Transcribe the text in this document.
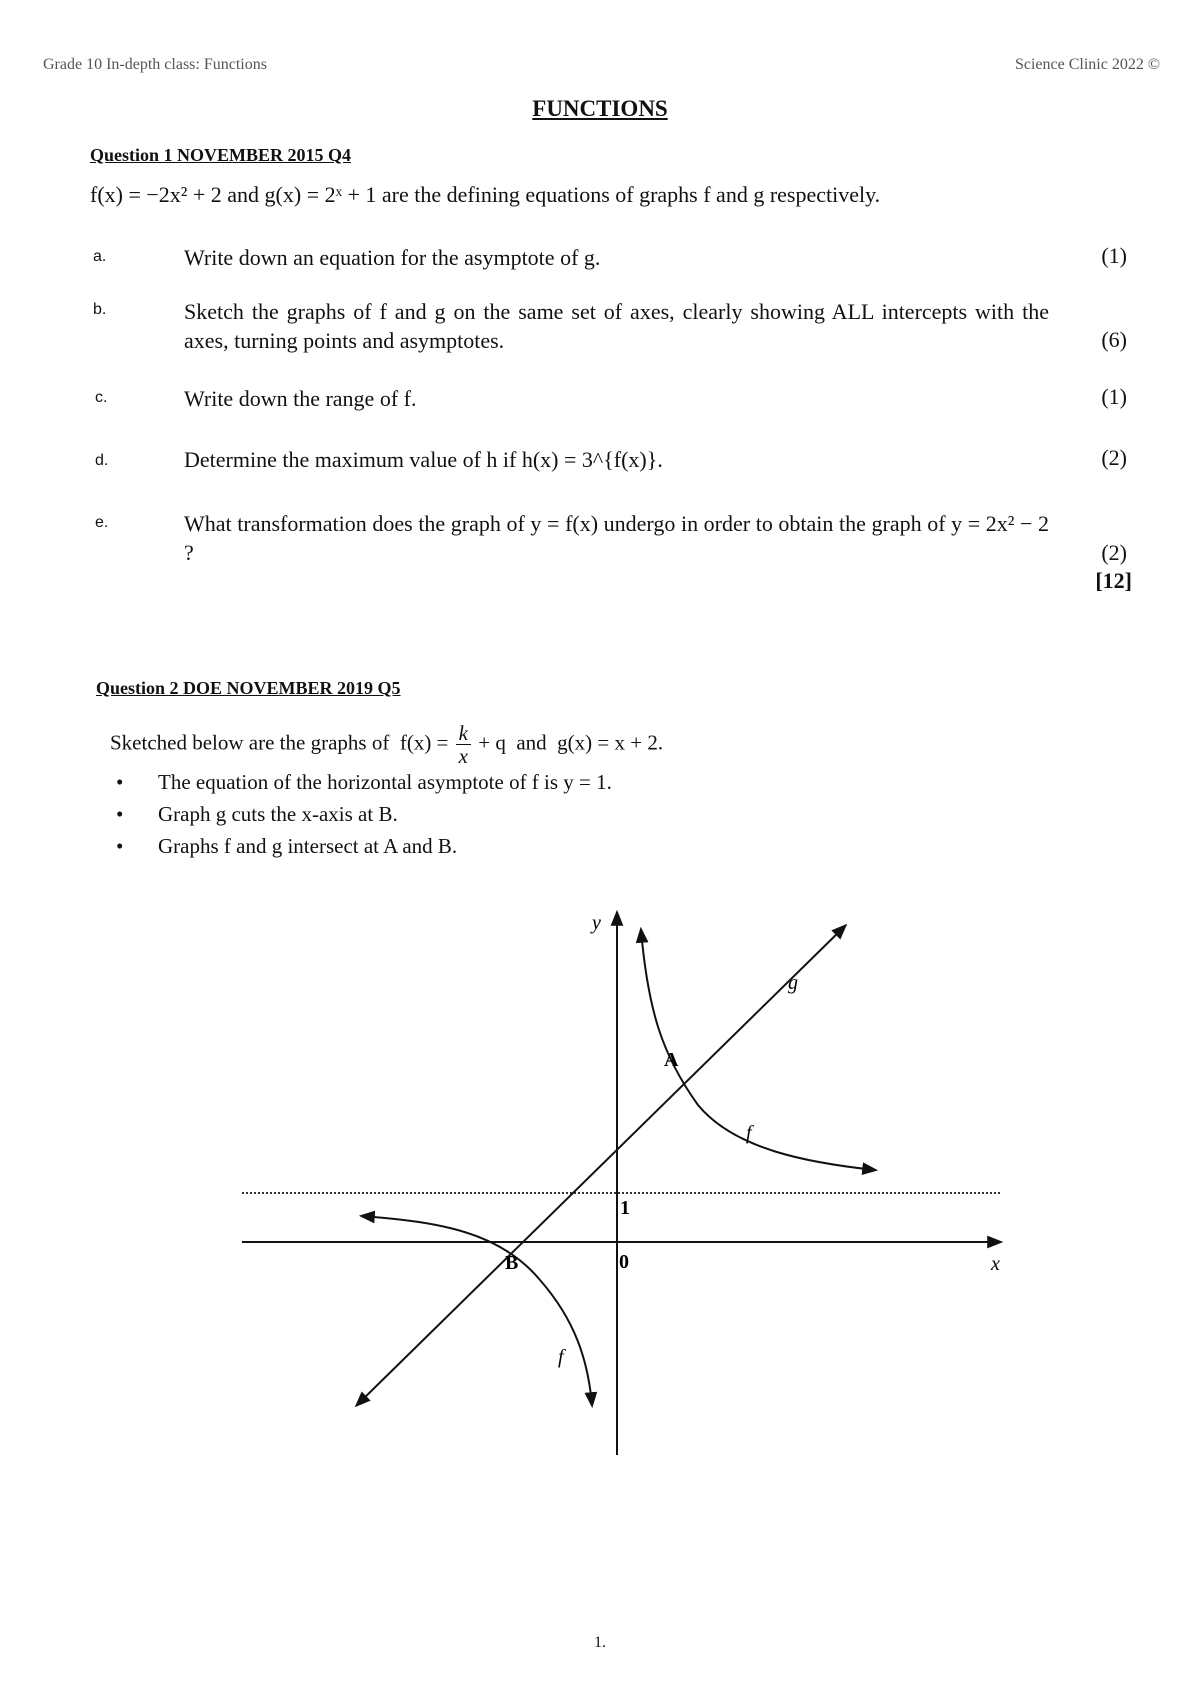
Grade 10 In-depth class: Functions	Science Clinic 2022 ©
FUNCTIONS
Question 1 NOVEMBER 2015 Q4
f(x) = −2x² + 2 and g(x) = 2ˣ + 1 are the defining equations of graphs f and g respectively.
a.	Write down an equation for the asymptote of g.	(1)
b.	Sketch the graphs of f and g on the same set of axes, clearly showing ALL intercepts with the axes, turning points and asymptotes.	(6)
c.	Write down the range of f.	(1)
d.	Determine the maximum value of h if h(x) = 3^{f(x)}.	(2)
e.	What transformation does the graph of y = f(x) undergo in order to obtain the graph of y = 2x² − 2 ?	(2)
[12]
Question 2 DOE NOVEMBER 2019 Q5
Sketched below are the graphs of $f(x) = \frac{k}{x} + q$ and g(x) = x + 2.
• The equation of the horizontal asymptote of f is y = 1.
• Graph g cuts the x-axis at B.
• Graphs f and g intersect at A and B.
y
x
g
f
f
A
B
1
0
1.
